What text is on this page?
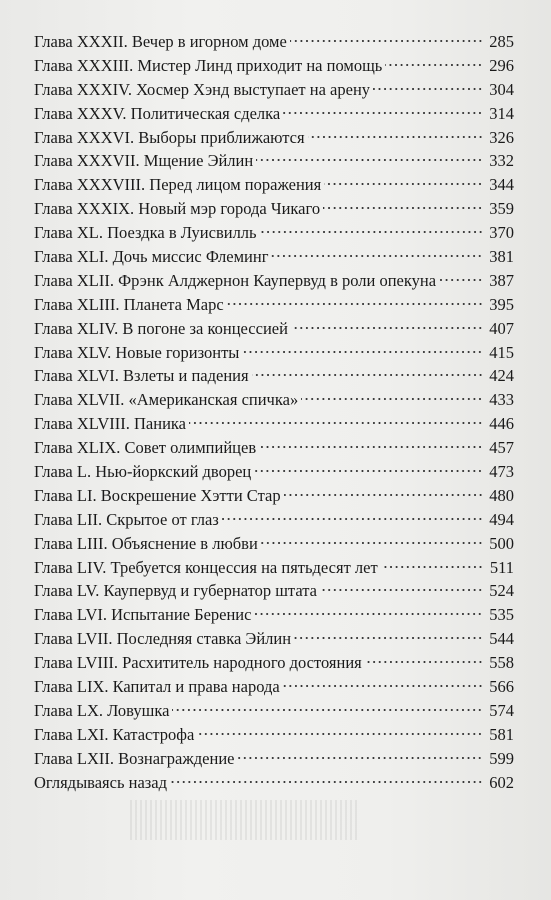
Глава XXXII. Вечер в игорном доме	285
Глава XXXIII. Мистер Линд приходит на помощь	296
Глава XXXIV. Хосмер Хэнд выступает на арену	304
Глава XXXV. Политическая сделка	314
Глава XXXVI. Выборы приближаются	326
Глава XXXVII. Мщение Эйлин	332
Глава XXXVIII. Перед лицом поражения	344
Глава XXXIX. Новый мэр города Чикаго	359
Глава XL. Поездка в Луисвилль	370
Глава XLI. Дочь миссис Флеминг	381
Глава XLII. Фрэнк Алджернон Каупервуд в роли опекуна	387
Глава XLIII. Планета Марс	395
Глава XLIV. В погоне за концессией	407
Глава XLV. Новые горизонты	415
Глава XLVI. Взлеты и падения	424
Глава XLVII. «Американская спичка»	433
Глава XLVIII. Паника	446
Глава XLIX. Совет олимпийцев	457
Глава L. Нью-йоркский дворец	473
Глава LI. Воскрешение Хэтти Стар	480
Глава LII. Скрытое от глаз	494
Глава LIII. Объяснение в любви	500
Глава LIV. Требуется концессия на пятьдесят лет	511
Глава LV. Каупервуд и губернатор штата	524
Глава LVI. Испытание Беренис	535
Глава LVII. Последняя ставка Эйлин	544
Глава LVIII. Расхититель народного достояния	558
Глава LIX. Капитал и права народа	566
Глава LX. Ловушка	574
Глава LXI. Катастрофа	581
Глава LXII. Вознаграждение	599
Оглядываясь назад	602
